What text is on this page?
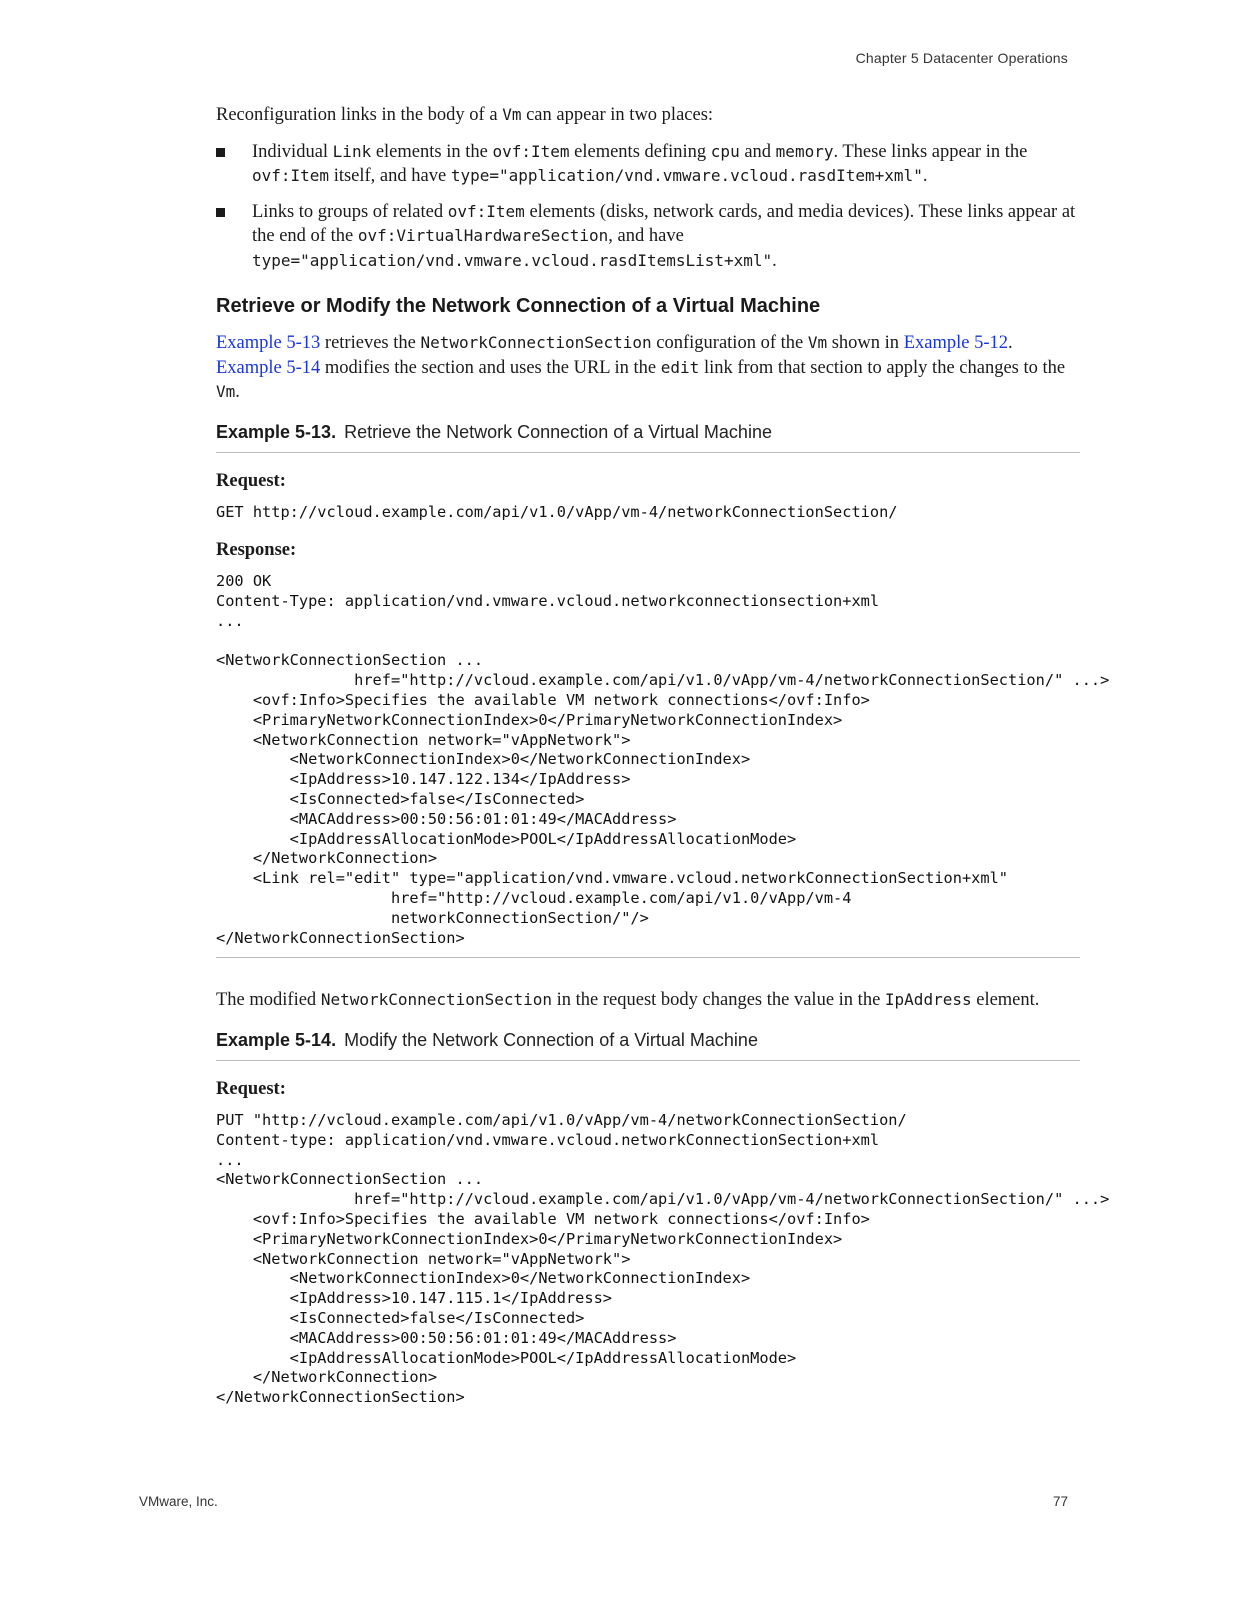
Chapter 5 Datacenter Operations

Reconfiguration links in the body of a Vm can appear in two places:

Individual Link elements in the ovf:Item elements defining cpu and memory. These links appear in the ovf:Item itself, and have type="application/vnd.vmware.vcloud.rasdItem+xml".
Links to groups of related ovf:Item elements (disks, network cards, and media devices). These links appear at the end of the ovf:VirtualHardwareSection, and have
type="application/vnd.vmware.vcloud.rasdItemsList+xml".
Retrieve or Modify the Network Connection of a Virtual Machine

Example 5-13 retrieves the NetworkConnectionSection configuration of the Vm shown in Example 5-12. Example 5-14 modifies the section and uses the URL in the edit link from that section to apply the changes to the Vm.

Example 5-13. Retrieve the Network Connection of a Virtual Machine
Request:
GET http://vcloud.example.com/api/v1.0/vApp/vm-4/networkConnectionSection/
Response:
200 OK
Content-Type: application/vnd.vmware.vcloud.networkconnectionsection+xml
...

<NetworkConnectionSection ...
href="http://vcloud.example.com/api/v1.0/vApp/vm-4/networkConnectionSection/" ...>
<ovf:Info>Specifies the available VM network connections</ovf:Info>
<PrimaryNetworkConnectionIndex>0</PrimaryNetworkConnectionIndex>
<NetworkConnection network="vAppNetwork">
<NetworkConnectionIndex>0</NetworkConnectionIndex>
<IpAddress>10.147.122.134</IpAddress>
<IsConnected>false</IsConnected>
<MACAddress>00:50:56:01:01:49</MACAddress>
<IpAddressAllocationMode>POOL</IpAddressAllocationMode>
</NetworkConnection>
<Link rel="edit" type="application/vnd.vmware.vcloud.networkConnectionSection+xml"
href="http://vcloud.example.com/api/v1.0/vApp/vm-4
networkConnectionSection/"/>
</NetworkConnectionSection>

The modified NetworkConnectionSection in the request body changes the value in the IpAddress element.

Example 5-14. Modify the Network Connection of a Virtual Machine
Request:
PUT "http://vcloud.example.com/api/v1.0/vApp/vm-4/networkConnectionSection/
Content-type: application/vnd.vmware.vcloud.networkConnectionSection+xml
...
<NetworkConnectionSection ...
href="http://vcloud.example.com/api/v1.0/vApp/vm-4/networkConnectionSection/" ...>
<ovf:Info>Specifies the available VM network connections</ovf:Info>
<PrimaryNetworkConnectionIndex>0</PrimaryNetworkConnectionIndex>
<NetworkConnection network="vAppNetwork">
<NetworkConnectionIndex>0</NetworkConnectionIndex>
<IpAddress>10.147.115.1</IpAddress>
<IsConnected>false</IsConnected>
<MACAddress>00:50:56:01:01:49</MACAddress>
<IpAddressAllocationMode>POOL</IpAddressAllocationMode>
</NetworkConnection>
</NetworkConnectionSection>
VMware, Inc.	77
